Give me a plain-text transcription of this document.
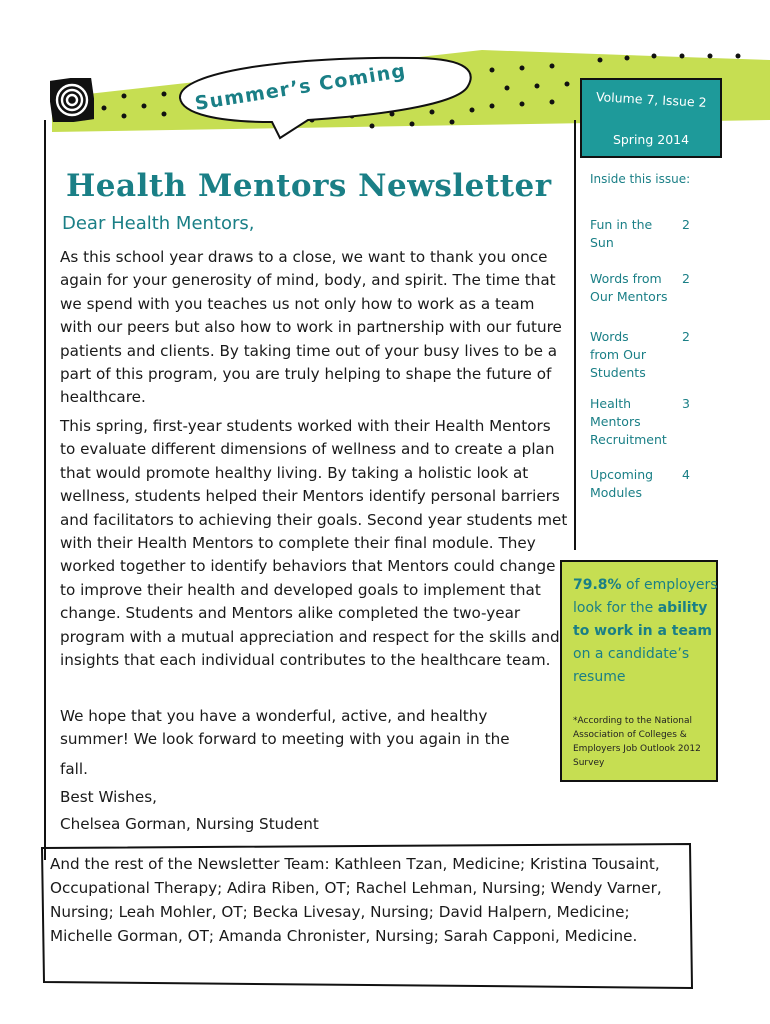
Summer’s Coming	Volume 7, Issue 2
Spring 2014
Health Mentors Newsletter
Dear Health Mentors,
As this school year draws to a close, we want to thank you once again for your generosity of mind, body, and spirit. The time that we spend with you teaches us not only how to work as a team with our peers but also how to work in partnership with our future patients and clients. By taking time out of your busy lives to be a part of this program, you are truly helping to shape the future of healthcare.
This spring, first-year students worked with their Health Mentors to evaluate different dimensions of wellness and to create a plan that would promote healthy living. By taking a holistic look at wellness, students helped their Mentors identify personal barriers and facilitators to achieving their goals. Second year students met with their Health Mentors to complete their final module. They worked together to identify behaviors that Mentors could change to improve their health and developed goals to implement that change. Students and Mentors alike completed the two-year program with a mutual appreciation and respect for the skills and insights that each individual contributes to the healthcare team.
We hope that you have a wonderful, active, and healthy summer! We look forward to meeting with you again in the
fall.
Best Wishes,
Chelsea Gorman, Nursing Student
Inside this issue:
Fun in the Sun
2
Words from Our Mentors
2
Words from Our Students
2
Health Mentors Recruitment
3
Upcoming Modules
4
79.8% of employers look for the ability to work in a team on a candidate’s resume
*According to the National Association of Colleges & Employers Job Outlook 2012 Survey
And the rest of the Newsletter Team: Kathleen Tzan, Medicine; Kristina Tousaint, Occupational Therapy; Adira Riben, OT; Rachel Lehman, Nursing; Wendy Varner, Nursing; Leah Mohler, OT; Becka Livesay, Nursing; David Halpern, Medicine; Michelle Gorman, OT; Amanda Chronister, Nursing; Sarah Capponi, Medicine.
